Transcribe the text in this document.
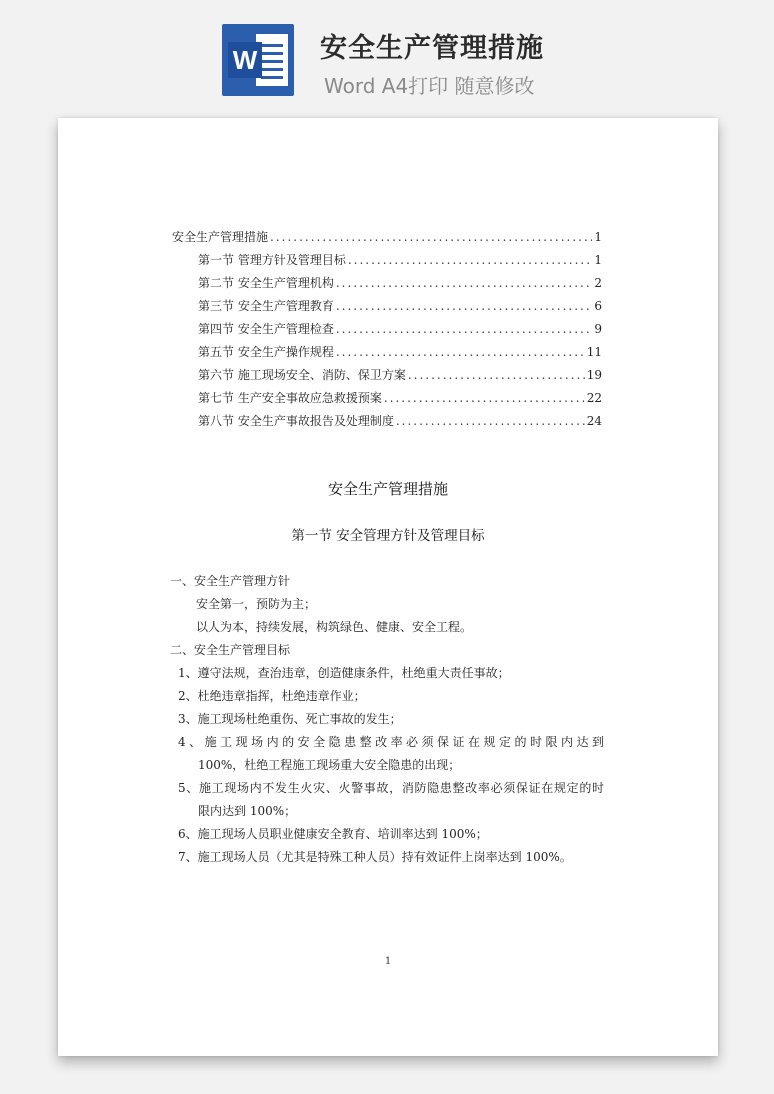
W 安全生产管理措施
Word A4打印 随意修改

安全生产管理措施 .....	1
第一节 管理方针及管理目标 .....	1
第二节 安全生产管理机构 .....	2
第三节 安全生产管理教育 .....	6
第四节 安全生产管理检查 .....	9
第五节 安全生产操作规程 .....	11
第六节 施工现场安全、消防、保卫方案 .....	19
第七节 生产安全事故应急救援预案 .....	22
第八节 安全生产事故报告及处理制度 .....	24
安全生产管理措施
第一节 安全管理方针及管理目标
一、安全生产管理方针
安全第一，预防为主；
以人为本，持续发展，构筑绿色、健康、安全工程。
二、安全生产管理目标
1、遵守法规，查治违章，创造健康条件，杜绝重大责任事故；
2、杜绝违章指挥，杜绝违章作业；
3、施工现场杜绝重伤、死亡事故的发生；
4、施工现场内的安全隐患整改率必须保证在规定的时限内达到
100%，杜绝工程施工现场重大安全隐患的出现；
5、施工现场内不发生火灾、火警事故，消防隐患整改率必须保证在规定的时
限内达到 100%；
6、施工现场人员职业健康安全教育、培训率达到 100%；
7、施工现场人员（尤其是特殊工种人员）持有效证件上岗率达到 100%。
1
